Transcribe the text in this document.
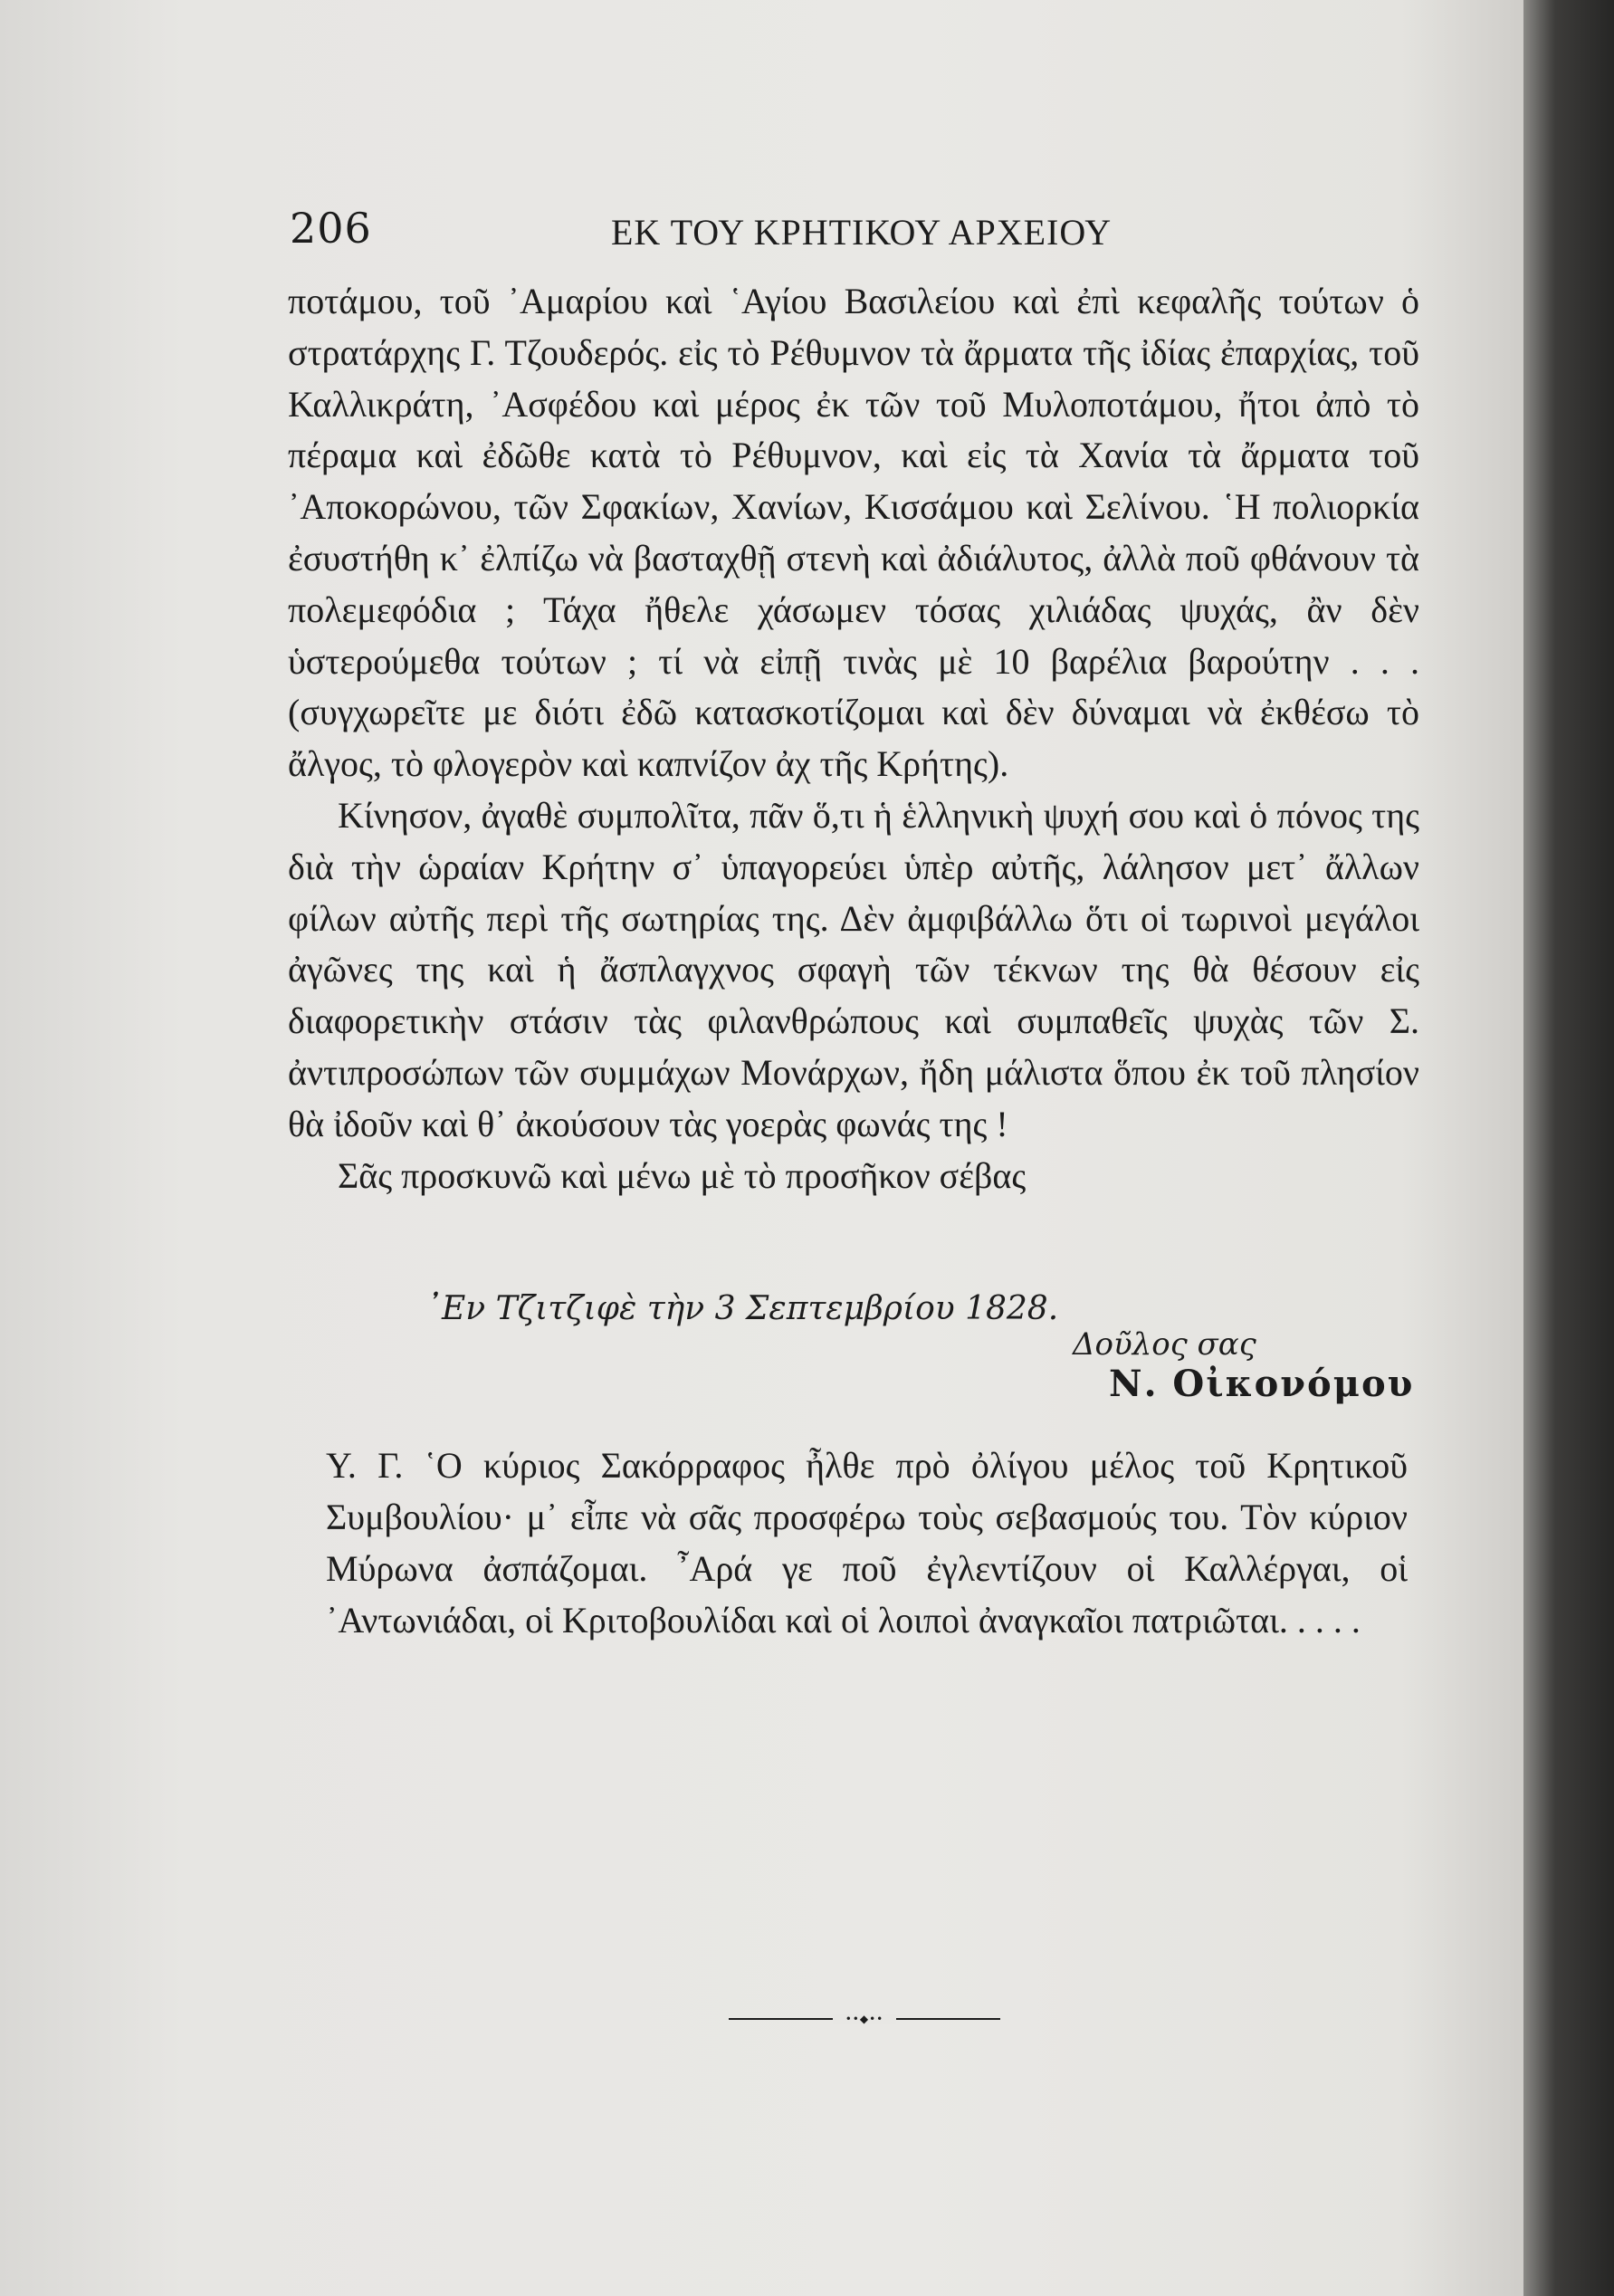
206	ΕΚ ΤΟΥ ΚΡΗΤΙΚΟΥ ΑΡΧΕΙΟΥ

ποτάμου, τοῦ ᾿Αμαρίου καὶ ῾Αγίου Βασιλείου καὶ ἐπὶ κεφαλῆς τούτων ὁ στρατάρχης Γ. Τζουδερός. εἰς τὸ Ρέθυμνον τὰ ἄρματα τῆς ἰδίας ἐπαρχίας, τοῦ Καλλικράτη, ᾿Ασφέδου καὶ μέρος ἐκ τῶν τοῦ Μυλοποτάμου, ἤτοι ἀπὸ τὸ πέραμα καὶ ἐδῶθε κατὰ τὸ Ρέθυμνον, καὶ εἰς τὰ Χανία τὰ ἄρματα τοῦ ᾿Αποκορώνου, τῶν Σφακίων, Χανίων, Κισσάμου καὶ Σελίνου. ῾Η πολιορκία ἐσυστήθη κ᾿ ἐλπίζω νὰ βασταχθῇ στενὴ καὶ ἀδιάλυτος, ἀλλὰ ποῦ φθάνουν τὰ πολεμεφόδια ; Τάχα ἤθελε χάσωμεν τόσας χιλιάδας ψυχάς, ἂν δὲν ὑστερούμεθα τούτων ; τί νὰ εἰπῇ τινὰς μὲ 10 βαρέλια βαρούτην . . . (συγχωρεῖτε με διότι ἐδῶ κατασκοτίζομαι καὶ δὲν δύναμαι νὰ ἐκθέσω τὸ ἄλγος, τὸ φλογερὸν καὶ καπνίζον ἀχ τῆς Κρήτης).

Κίνησον, ἀγαθὲ συμπολῖτα, πᾶν ὅ,τι ἡ ἑλληνικὴ ψυχή σου καὶ ὁ πόνος της διὰ τὴν ὡραίαν Κρήτην σ᾿ ὑπαγορεύει ὑπὲρ αὐτῆς, λάλησον μετ᾿ ἄλλων φίλων αὐτῆς περὶ τῆς σωτηρίας της. Δὲν ἀμφιβάλλω ὅτι οἱ τωρινοὶ μεγάλοι ἀγῶνες της καὶ ἡ ἄσπλαγχνος σφαγὴ τῶν τέκνων της θὰ θέσουν εἰς διαφορετικὴν στάσιν τὰς φιλανθρώπους καὶ συμπαθεῖς ψυχὰς τῶν Σ. ἀντιπροσώπων τῶν συμμάχων Μονάρχων, ἤδη μάλιστα ὅπου ἐκ τοῦ πλησίον θὰ ἰδοῦν καὶ θ᾿ ἀκούσουν τὰς γοερὰς φωνάς της !

Σᾶς προσκυνῶ καὶ μένω μὲ τὸ προσῆκον σέβας

᾿Εν Τζιτζιφὲ τὴν 3 Σεπτεμβρίου 1828.
Δοῦλος σας
Ν. Οἰκονόμου

Υ. Γ. ῾Ο κύριος Σακόρραφος ἦλθε πρὸ ὀλίγου μέλος τοῦ Κρητικοῦ Συμβουλίου· μ᾿ εἶπε νὰ σᾶς προσφέρω τοὺς σεβασμούς του. Τὸν κύριον Μύρωνα ἀσπάζομαι. ῏Αρά γε ποῦ ἐγλεντίζουν οἱ Καλλέργαι, οἱ ᾿Αντωνιάδαι, οἱ Κριτοβουλίδαι καὶ οἱ λοιποὶ ἀναγκαῖοι πατριῶται. . . . .

••◆••
